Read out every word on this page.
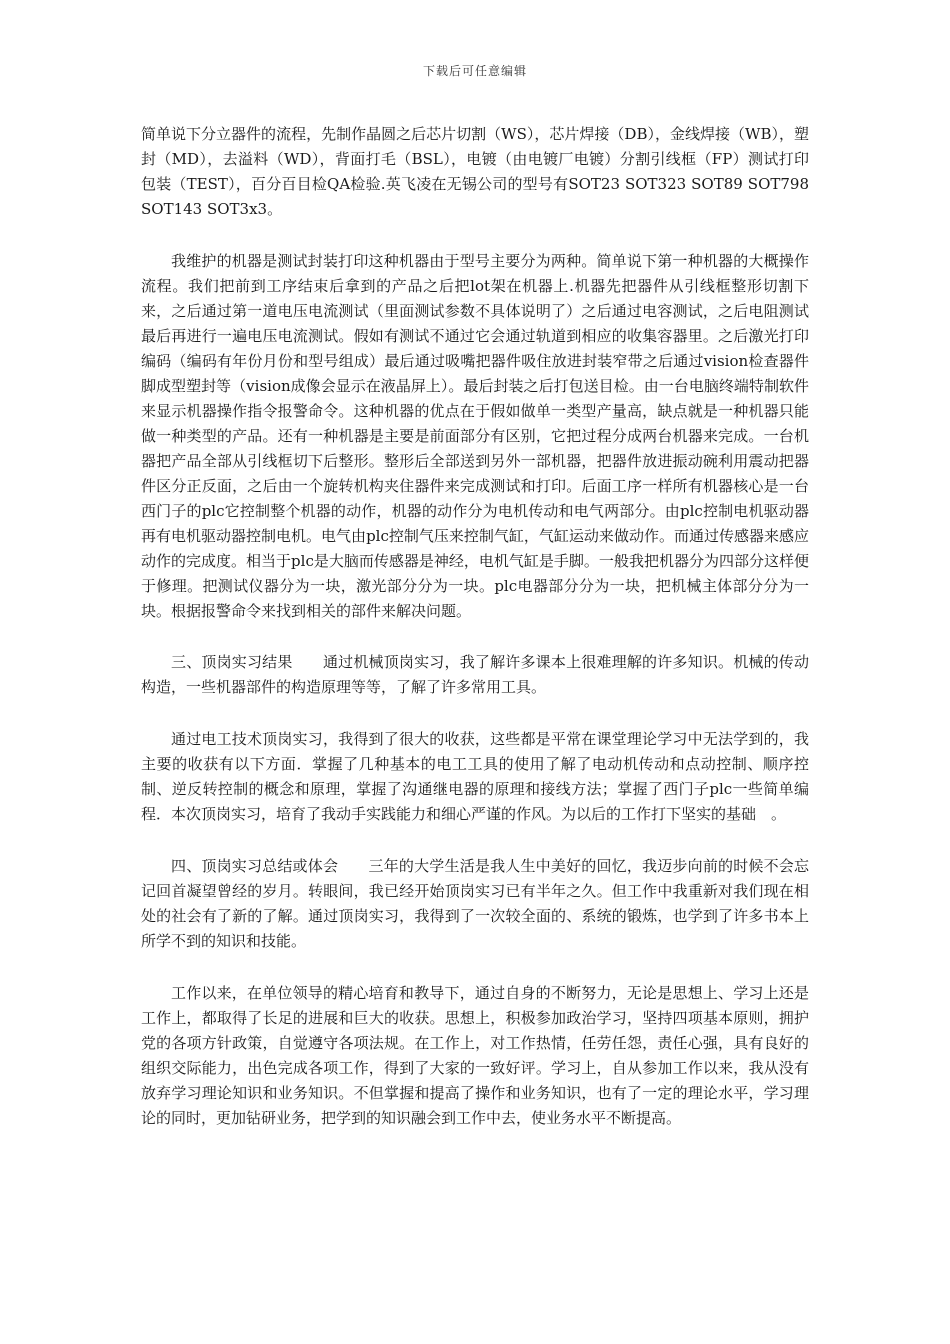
下载后可任意编辑

简单说下分立器件的流程，先制作晶圆之后芯片切割（WS），芯片焊接（DB），金线焊接（WB），塑封（MD），去溢料（WD），背面打毛（BSL），电镀（由电镀厂电镀）分割引线框（FP）测试打印包装（TEST），百分百目检QA检验.英飞凌在无锡公司的型号有SOT23 SOT323 SOT89 SOT798 SOT143 SOT3x3。

我维护的机器是测试封装打印这种机器由于型号主要分为两种。简单说下第一种机器的大概操作流程。我们把前到工序结束后拿到的产品之后把lot架在机器上.机器先把器件从引线框整形切割下来，之后通过第一道电压电流测试（里面测试参数不具体说明了）之后通过电容测试，之后电阻测试最后再进行一遍电压电流测试。假如有测试不通过它会通过轨道到相应的收集容器里。之后激光打印编码（编码有年份月份和型号组成）最后通过吸嘴把器件吸住放进封装窄带之后通过vision检查器件脚成型塑封等（vision成像会显示在液晶屏上）。最后封装之后打包送目检。由一台电脑终端特制软件来显示机器操作指令报警命令。这种机器的优点在于假如做单一类型产量高，缺点就是一种机器只能做一种类型的产品。还有一种机器是主要是前面部分有区别，它把过程分成两台机器来完成。一台机器把产品全部从引线框切下后整形。整形后全部送到另外一部机器，把器件放进振动碗利用震动把器件区分正反面，之后由一个旋转机构夹住器件来完成测试和打印。后面工序一样所有机器核心是一台西门子的plc它控制整个机器的动作，机器的动作分为电机传动和电气两部分。由plc控制电机驱动器再有电机驱动器控制电机。电气由plc控制气压来控制气缸，气缸运动来做动作。而通过传感器来感应动作的完成度。相当于plc是大脑而传感器是神经，电机气缸是手脚。一般我把机器分为四部分这样便于修理。把测试仪器分为一块，激光部分分为一块。plc电器部分分为一块，把机械主体部分分为一块。根据报警命令来找到相关的部件来解决问题。

三、顶岗实习结果　　通过机械顶岗实习，我了解许多课本上很难理解的许多知识。机械的传动构造，一些机器部件的构造原理等等，了解了许多常用工具。

通过电工技术顶岗实习，我得到了很大的收获，这些都是平常在课堂理论学习中无法学到的，我主要的收获有以下方面．掌握了几种基本的电工工具的使用了解了电动机传动和点动控制、顺序控制、逆反转控制的概念和原理，掌握了沟通继电器的原理和接线方法；掌握了西门子plc一些简单编程．本次顶岗实习，培育了我动手实践能力和细心严谨的作风。为以后的工作打下坚实的基础　。

四、顶岗实习总结或体会　　三年的大学生活是我人生中美好的回忆，我迈步向前的时候不会忘记回首凝望曾经的岁月。转眼间，我已经开始顶岗实习已有半年之久。但工作中我重新对我们现在相处的社会有了新的了解。通过顶岗实习，我得到了一次较全面的、系统的锻炼，也学到了许多书本上所学不到的知识和技能。

工作以来，在单位领导的精心培育和教导下，通过自身的不断努力，无论是思想上、学习上还是工作上，都取得了长足的进展和巨大的收获。思想上，积极参加政治学习，坚持四项基本原则，拥护党的各项方针政策，自觉遵守各项法规。在工作上，对工作热情，任劳任怨，责任心强，具有良好的组织交际能力，出色完成各项工作，得到了大家的一致好评。学习上，自从参加工作以来，我从没有放弃学习理论知识和业务知识。不但掌握和提高了操作和业务知识，也有了一定的理论水平，学习理论的同时，更加钻研业务，把学到的知识融会到工作中去，使业务水平不断提高。
